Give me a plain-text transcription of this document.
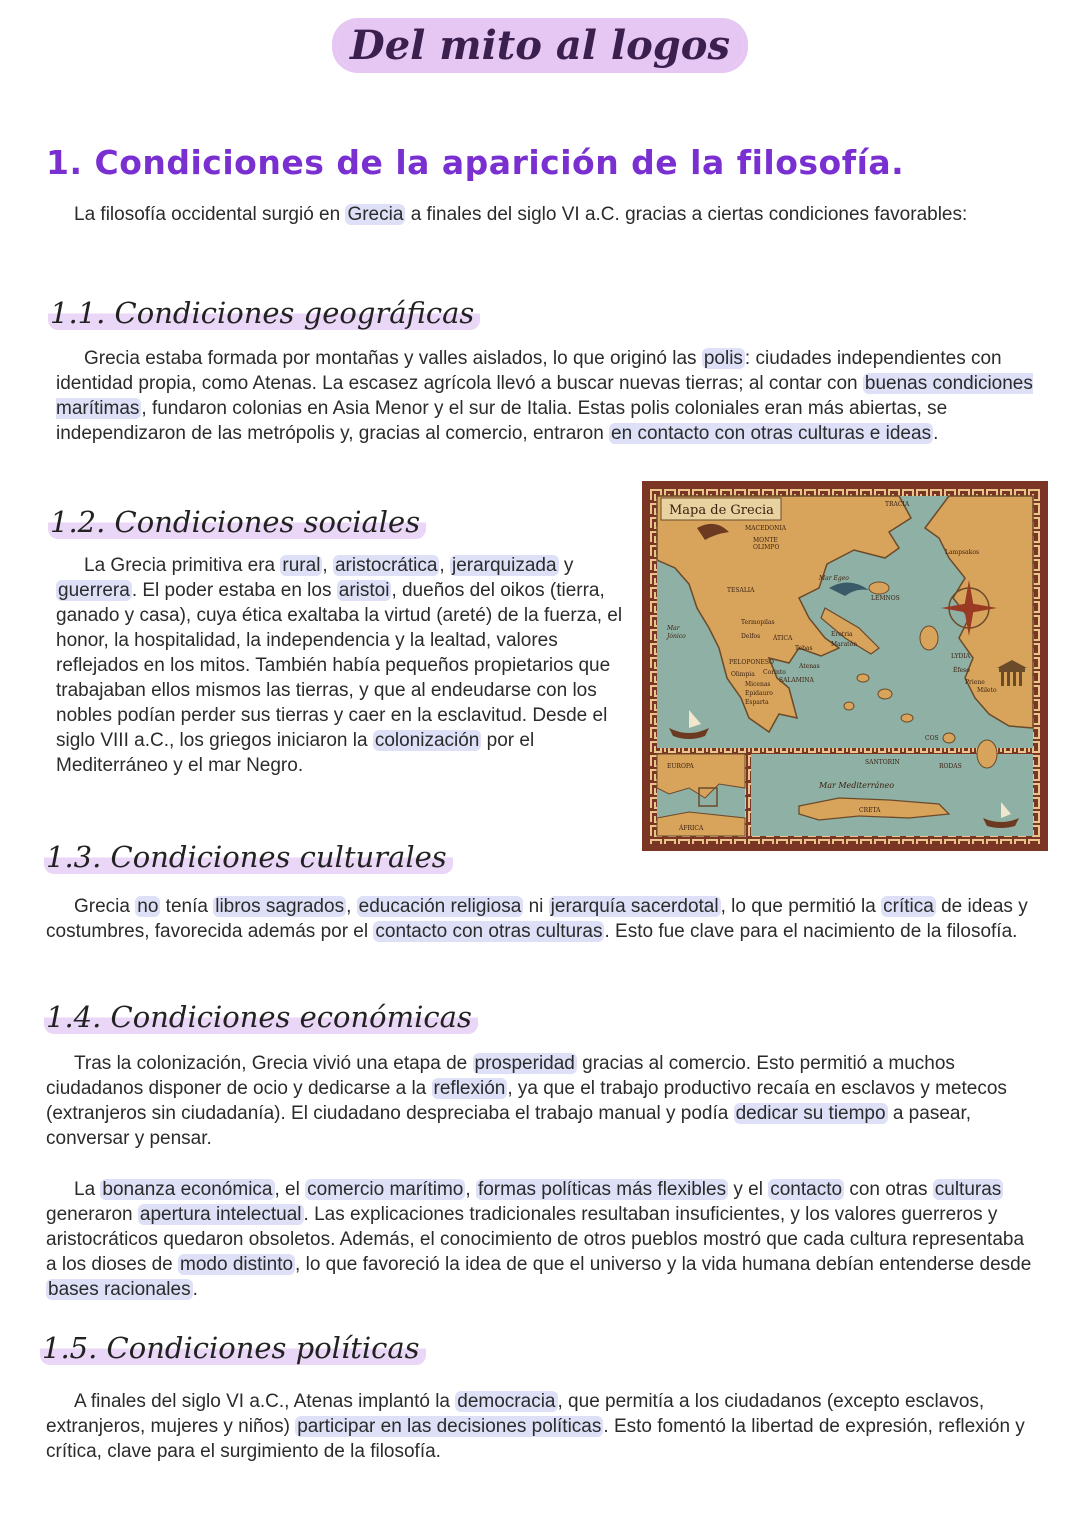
Del mito al logos
1. Condiciones de la aparición de la filosofía.

La filosofía occidental surgió en Grecia a finales del siglo VI a.C. gracias a ciertas condiciones favorables:

1.1. Condiciones geográficas

Grecia estaba formada por montañas y valles aislados, lo que originó las polis : ciudades independientes con identidad propia, como Atenas. La escasez agrícola llevó a buscar nuevas tierras; al contar con buenas condiciones marítimas , fundaron colonias en Asia Menor y el sur de Italia. Estas polis coloniales eran más abiertas, se independizaron de las metrópolis y, gracias al comercio, entraron en contacto con otras culturas e ideas .

1.2. Condiciones sociales

La Grecia primitiva era rural , aristocrática , jerarquizada y guerrera . El poder estaba en los aristoi , dueños del oikos (tierra, ganado y casa), cuya ética exaltaba la virtud (areté) de la fuerza, el honor, la hospitalidad, la independencia y la lealtad, valores reflejados en los mitos. También había pequeños propietarios que trabajaban ellos mismos las tierras, y que al endeudarse con los nobles podían perder sus tierras y caer en la esclavitud. Desde el siglo VIII a.C., los griegos iniciaron la colonización por el Mediterráneo y el mar Negro.

Mapa de Grecia	TRACIA
MACEDONIA
MONTE
OLIMPO
Mar Egeo
Lampsakos
TESALIA
LEMNOS
Mar
Jónico
Termopilas
Delfos ÁTICA
Eretria
Maratón
Tebas
PELOPONESO
Olimpia Corinto
Micenas
Epidauro
Esparta
Atenas
SALAMINA
LYDIA
Éfeso
Priene
Mileto
COS
SANTORIN
RODAS
Mar Mediterráneo
CRETA
EUROPA
ÁFRICA
1.3. Condiciones culturales

Grecia no tenía libros sagrados , educación religiosa ni jerarquía sacerdotal , lo que permitió la crítica de ideas y costumbres, favorecida además por el contacto con otras culturas . Esto fue clave para el nacimiento de la filosofía.

1.4. Condiciones económicas

Tras la colonización, Grecia vivió una etapa de prosperidad gracias al comercio. Esto permitió a muchos ciudadanos disponer de ocio y dedicarse a la reflexión , ya que el trabajo productivo recaía en esclavos y metecos (extranjeros sin ciudadanía). El ciudadano despreciaba el trabajo manual y podía dedicar su tiempo a pasear, conversar y pensar.

La bonanza económica , el comercio marítimo , formas políticas más flexibles y el contacto con otras culturas generaron apertura intelectual . Las explicaciones tradicionales resultaban insuficientes, y los valores guerreros y aristocráticos quedaron obsoletos. Además, el conocimiento de otros pueblos mostró que cada cultura representaba a los dioses de modo distinto , lo que favoreció la idea de que el universo y la vida humana debían entenderse desde bases racionales .

1.5. Condiciones políticas

A finales del siglo VI a.C., Atenas implantó la democracia , que permitía a los ciudadanos (excepto esclavos, extranjeros, mujeres y niños) participar en las decisiones políticas . Esto fomentó la libertad de expresión, reflexión y crítica, clave para el surgimiento de la filosofía.
